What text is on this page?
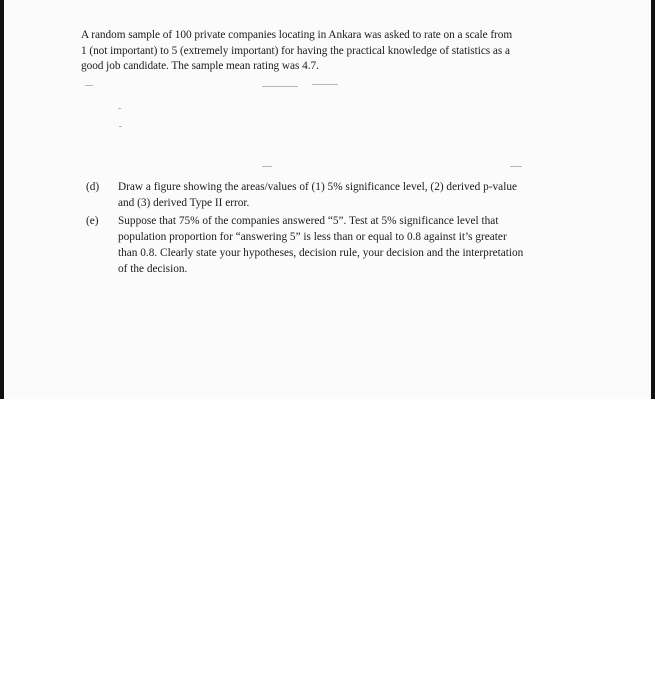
A random sample of 100 private companies locating in Ankara was asked to rate on a scale from
1 (not important) to 5 (extremely important) for having the practical knowledge of statistics as a
good job candidate. The sample mean rating was 4.7.

(d) Draw a figure showing the areas/values of (1) 5% significance level, (2) derived p-value
and (3) derived Type II error.
(e) Suppose that 75% of the companies answered “5”. Test at 5% significance level that
population proportion for “answering 5” is less than or equal to 0.8 against it’s greater
than 0.8. Clearly state your hypotheses, decision rule, your decision and the interpretation
of the decision.
